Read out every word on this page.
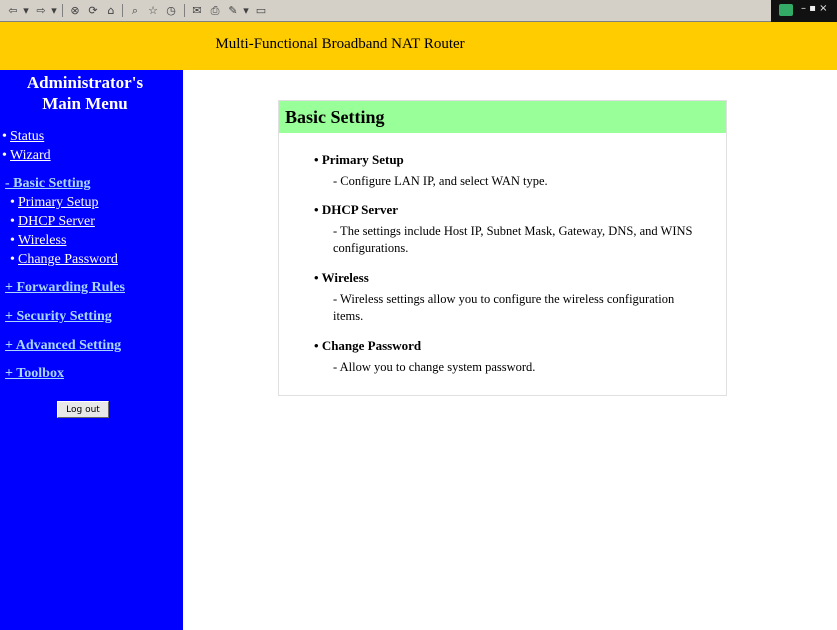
⇦ ▾ ⇨ ▾ ⊗ ⟳ ⌂	⌕ ☆ ◷ ✉ ⎙ ✎ ▾ ▭	– ▪ ×
Multi-Functional Broadband NAT Router
Administrator's
Main Menu
• Status
• Wizard
- Basic Setting
• Primary Setup
• DHCP Server
• Wireless
• Change Password
+ Forwarding Rules
+ Security Setting
+ Advanced Setting
+ Toolbox
Log out
Basic Setting
• Primary Setup
- Configure LAN IP, and select WAN type.
• DHCP Server
- The settings include Host IP, Subnet Mask, Gateway, DNS, and WINS configurations.
• Wireless
- Wireless settings allow you to configure the wireless configuration items.
• Change Password
- Allow you to change system password.
